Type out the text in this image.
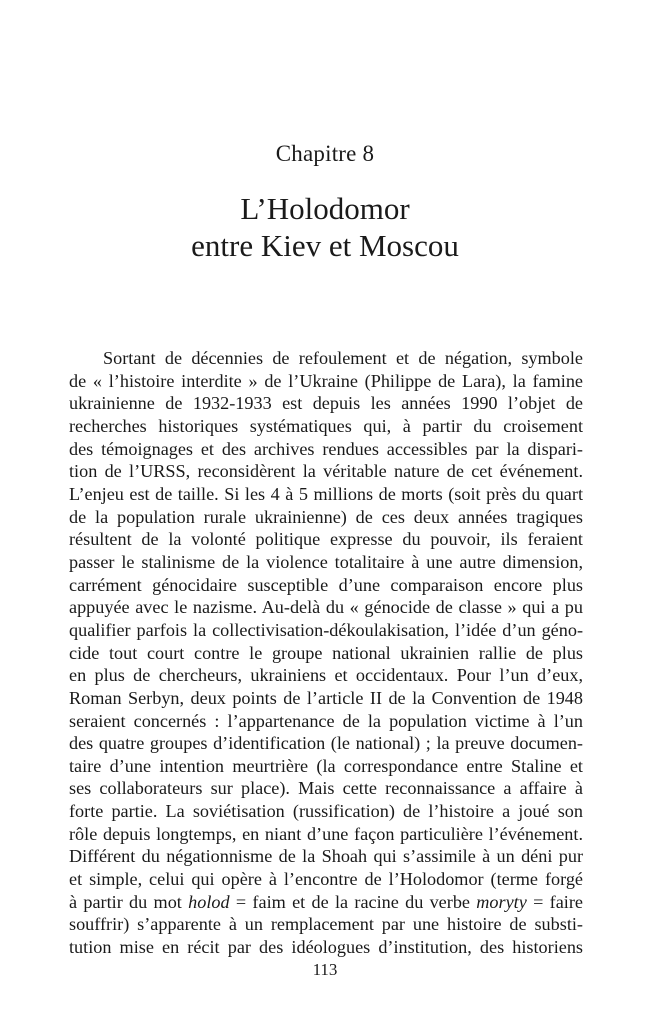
Chapitre 8
L’Holodomor
entre Kiev et Moscou
Sortant de décennies de refoulement et de négation, symbole
de « l’histoire interdite » de l’Ukraine (Philippe de Lara), la famine
ukrainienne de 1932-1933 est depuis les années 1990 l’objet de
recherches historiques systématiques qui, à partir du croisement
des témoignages et des archives rendues accessibles par la dispari-
tion de l’URSS, reconsidèrent la véritable nature de cet événement.
L’enjeu est de taille. Si les 4 à 5 millions de morts (soit près du quart
de la population rurale ukrainienne) de ces deux années tragiques
résultent de la volonté politique expresse du pouvoir, ils feraient
passer le stalinisme de la violence totalitaire à une autre dimension,
carrément génocidaire susceptible d’une comparaison encore plus
appuyée avec le nazisme. Au-delà du « génocide de classe » qui a pu
qualifier parfois la collectivisation-dékoulakisation, l’idée d’un géno-
cide tout court contre le groupe national ukrainien rallie de plus
en plus de chercheurs, ukrainiens et occidentaux. Pour l’un d’eux,
Roman Serbyn, deux points de l’article II de la Convention de 1948
seraient concernés : l’appartenance de la population victime à l’un
des quatre groupes d’identification (le national) ; la preuve documen-
taire d’une intention meurtrière (la correspondance entre Staline et
ses collaborateurs sur place). Mais cette reconnaissance a affaire à
forte partie. La soviétisation (russification) de l’histoire a joué son
rôle depuis longtemps, en niant d’une façon particulière l’événement.
Différent du négationnisme de la Shoah qui s’assimile à un déni pur
et simple, celui qui opère à l’encontre de l’Holodomor (terme forgé
à partir du mot holod = faim et de la racine du verbe moryty = faire
souffrir) s’apparente à un remplacement par une histoire de substi-
tution mise en récit par des idéologues d’institution, des historiens
113
